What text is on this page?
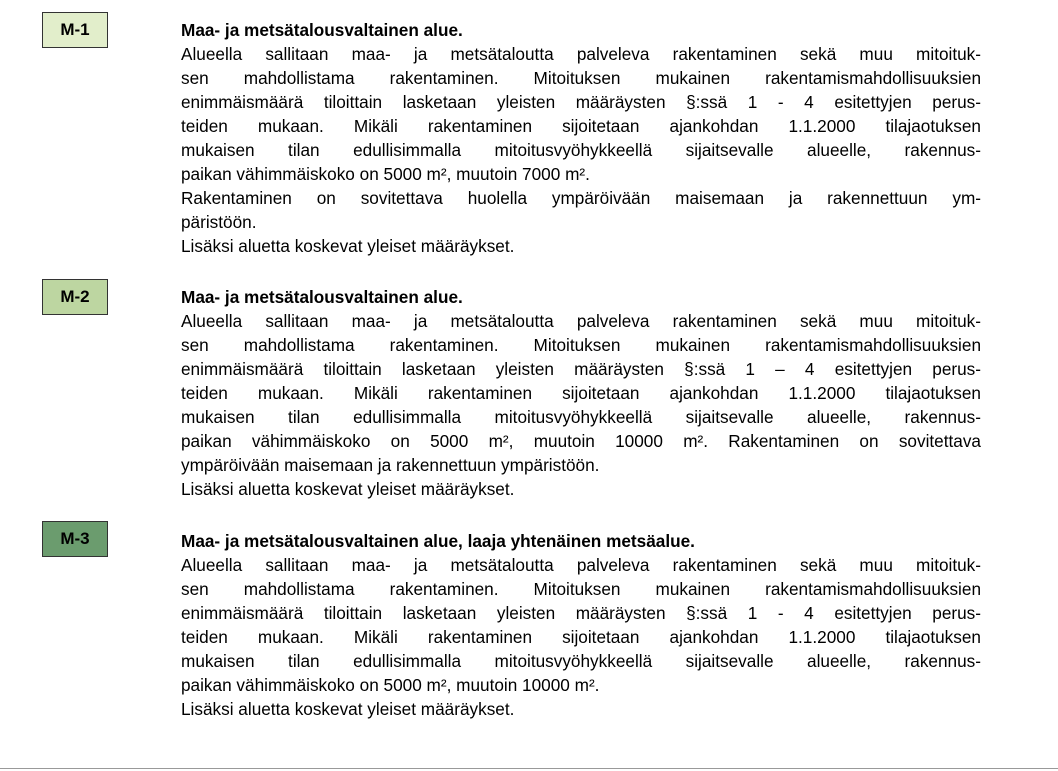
M-1	Maa- ja metsätalousvaltainen alue.
Alueella sallitaan maa- ja metsätaloutta palveleva rakentaminen sekä muu mitoituk-
sen mahdollistama rakentaminen. Mitoituksen mukainen rakentamismahdollisuuksien
enimmäismäärä tiloittain lasketaan yleisten määräysten §:ssä 1 - 4 esitettyjen perus-
teiden mukaan. Mikäli rakentaminen sijoitetaan ajankohdan 1.1.2000 tilajaotuksen
mukaisen tilan edullisimmalla mitoitusvyöhykkeellä sijaitsevalle alueelle, rakennus-
paikan vähimmäiskoko on 5000 m², muutoin 7000 m².
Rakentaminen on sovitettava huolella ympäröivään maisemaan ja rakennettuun ym-
päristöön.
Lisäksi aluetta koskevat yleiset määräykset.
M-2	Maa- ja metsätalousvaltainen alue.
Alueella sallitaan maa- ja metsätaloutta palveleva rakentaminen sekä muu mitoituk-
sen mahdollistama rakentaminen. Mitoituksen mukainen rakentamismahdollisuuksien
enimmäismäärä tiloittain lasketaan yleisten määräysten §:ssä 1 – 4 esitettyjen perus-
teiden mukaan. Mikäli rakentaminen sijoitetaan ajankohdan 1.1.2000 tilajaotuksen
mukaisen tilan edullisimmalla mitoitusvyöhykkeellä sijaitsevalle alueelle, rakennus-
paikan vähimmäiskoko on 5000 m², muutoin 10000 m². Rakentaminen on sovitettava
ympäröivään maisemaan ja rakennettuun ympäristöön.
Lisäksi aluetta koskevat yleiset määräykset.
M-3	Maa- ja metsätalousvaltainen alue, laaja yhtenäinen metsäalue.
Alueella sallitaan maa- ja metsätaloutta palveleva rakentaminen sekä muu mitoituk-
sen mahdollistama rakentaminen. Mitoituksen mukainen rakentamismahdollisuuksien
enimmäismäärä tiloittain lasketaan yleisten määräysten §:ssä 1 - 4 esitettyjen perus-
teiden mukaan. Mikäli rakentaminen sijoitetaan ajankohdan 1.1.2000 tilajaotuksen
mukaisen tilan edullisimmalla mitoitusvyöhykkeellä sijaitsevalle alueelle, rakennus-
paikan vähimmäiskoko on 5000 m², muutoin 10000 m².
Lisäksi aluetta koskevat yleiset määräykset.
